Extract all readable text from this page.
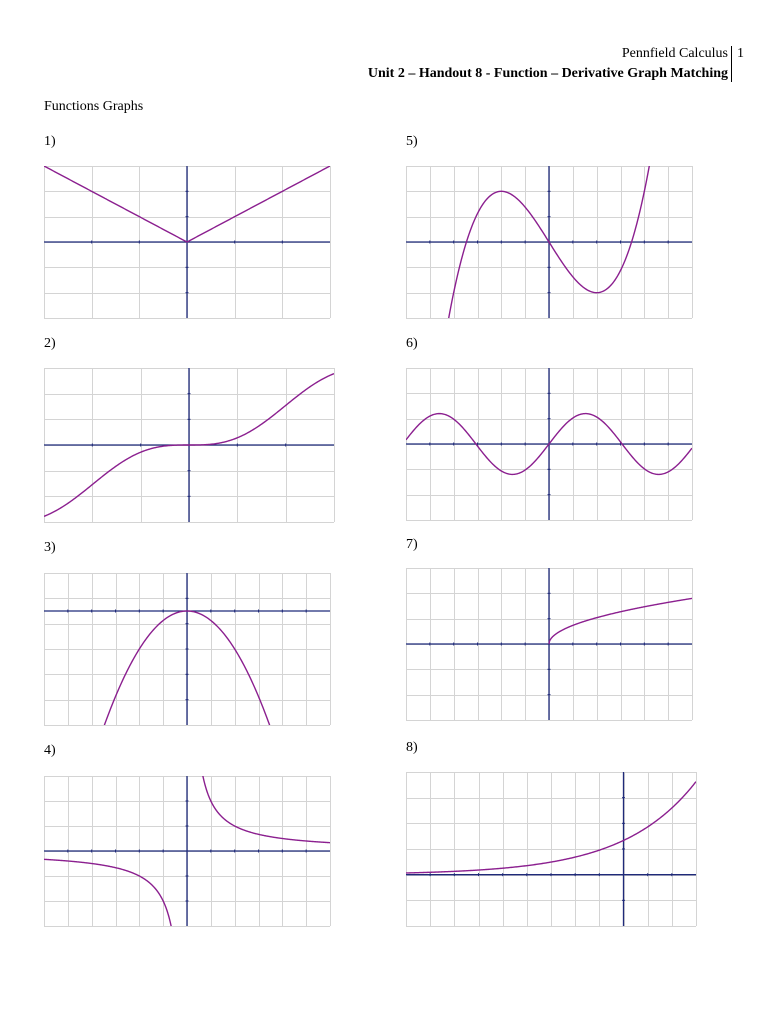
Pennfield Calculus
Unit 2 – Handout 8 - Function – Derivative Graph Matching
1
Functions Graphs
1)
2)
3)
4)
5)
6)
7)
8)
